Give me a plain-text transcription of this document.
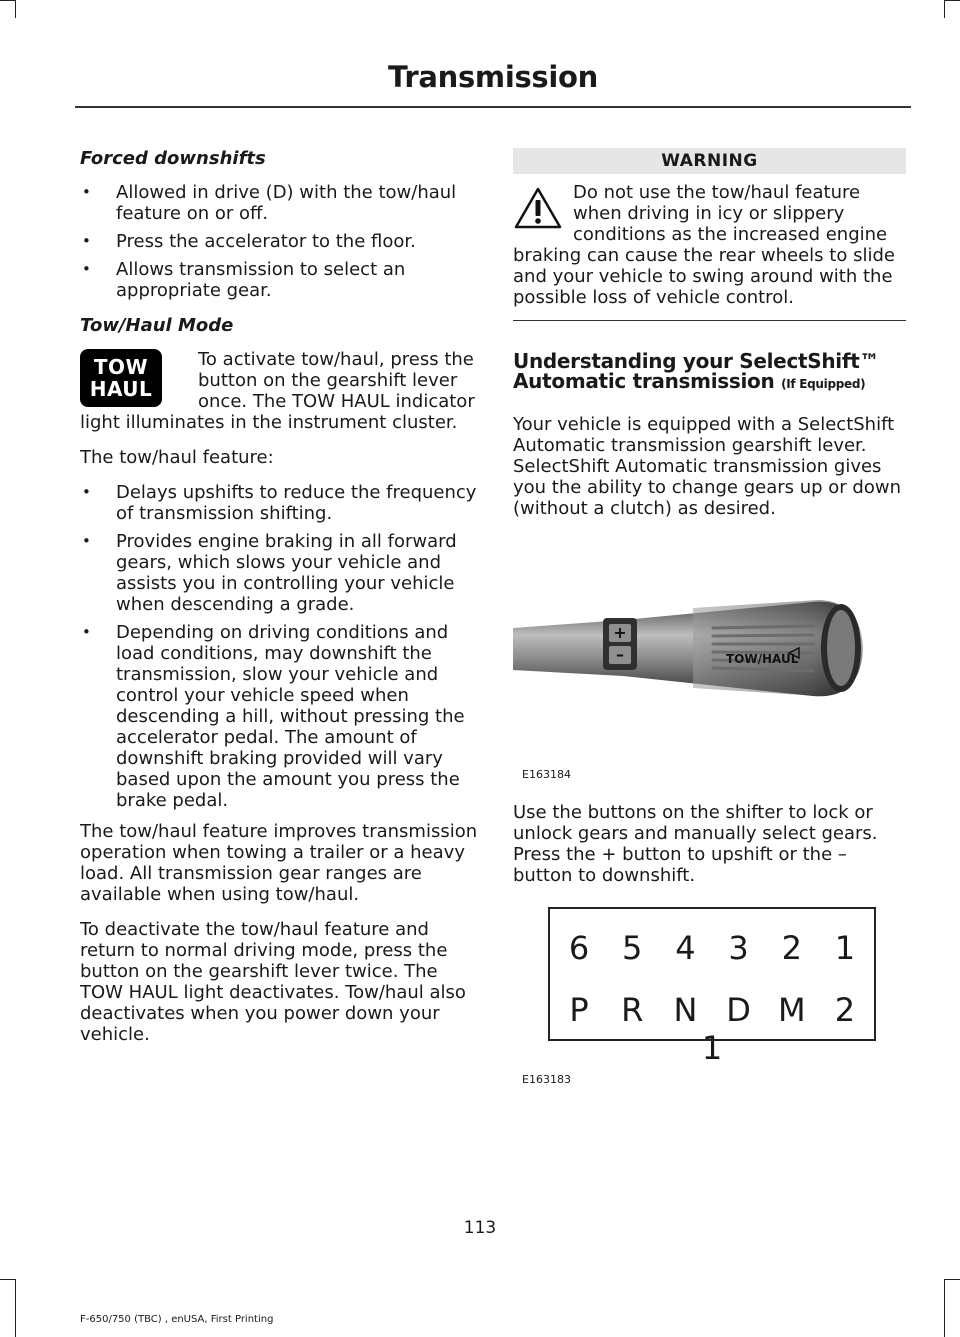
Transmission
Forced downshifts
• Allowed in drive (D) with the tow/haul feature on or off.
• Press the accelerator to the floor.
• Allows transmission to select an appropriate gear.
Tow/Haul Mode

TOW
HAUL
To activate tow/haul, press the button on the gearshift lever once. The TOW HAUL indicator light illuminates in the instrument cluster.

The tow/haul feature:

• Delays upshifts to reduce the frequency of transmission shifting.
• Provides engine braking in all forward gears, which slows your vehicle and assists you in controlling your vehicle when descending a grade.
• Depending on driving conditions and load conditions, may downshift the transmission, slow your vehicle and control your vehicle speed when descending a hill, without pressing the accelerator pedal. The amount of downshift braking provided will vary based upon the amount you press the brake pedal.

The tow/haul feature improves transmission operation when towing a trailer or a heavy load. All transmission gear ranges are available when using tow/haul.

To deactivate the tow/haul feature and return to normal driving mode, press the button on the gearshift lever twice. The TOW HAUL light deactivates. Tow/haul also deactivates when you power down your vehicle.

WARNING
Do not use the tow/haul feature when driving in icy or slippery conditions as the increased engine braking can cause the rear wheels to slide and your vehicle to swing around with the possible loss of vehicle control.
Understanding your SelectShift™ Automatic transmission (If Equipped)

Your vehicle is equipped with a SelectShift Automatic transmission gearshift lever. SelectShift Automatic transmission gives you the ability to change gears up or down (without a clutch) as desired.

+
–	TOW/HAUL
E163184

Use the buttons on the shifter to lock or unlock gears and manually select gears. Press the + button to upshift or the – button to downshift.

6 5 4 3 2 1
P R N D M 2 1
E163183
113
F-650/750 (TBC) , enUSA, First Printing
